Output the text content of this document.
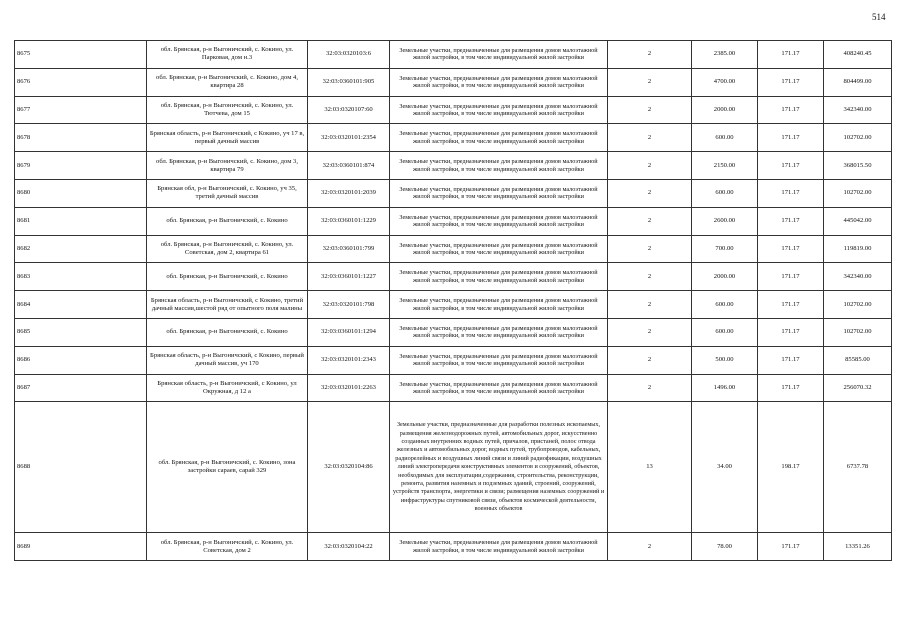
514
8675	обл. Брянская, р-н Выгоничский, с. Кокино, ул. Парковая, дом н.3	32:03:0320103:6	Земельные участки, предназначенные для размещения домов малоэтажной жилой застройки, в том числе индивидуальной жилой застройки	2	2385.00	171.17	408240.45
8676	обл. Брянская, р-н Выгоничский, с. Кокино, дом 4, квартира 28	32:03:0360101:905	Земельные участки, предназначенные для размещения домов малоэтажной жилой застройки, в том числе индивидуальной жилой застройки	2	4700.00	171.17	804499.00
8677	обл. Брянская, р-н Выгоничский, с. Кокино, ул. Тютчева, дом 15	32:03:0320107:60	Земельные участки, предназначенные для размещения домов малоэтажной жилой застройки, в том числе индивидуальной жилой застройки	2	2000.00	171.17	342340.00
8678	Брянская область, р-н Выгоничский, с Кокино, уч 17 в, первый дачный массив	32:03:0320101:2354	Земельные участки, предназначенные для размещения домов малоэтажной жилой застройки, в том числе индивидуальной жилой застройки	2	600.00	171.17	102702.00
8679	обл. Брянская, р-н Выгоничский, с. Кокино, дом 3, квартира 79	32:03:0360101:874	Земельные участки, предназначенные для размещения домов малоэтажной жилой застройки, в том числе индивидуальной жилой застройки	2	2150.00	171.17	368015.50
8680	Брянская обл, р-н Выгоничский, с. Кокино, уч 35, третий дачный массив	32:03:0320101:2039	Земельные участки, предназначенные для размещения домов малоэтажной жилой застройки, в том числе индивидуальной жилой застройки	2	600.00	171.17	102702.00
8681	обл. Брянская, р-н Выгоничский, с. Кокино	32:03:0360101:1229	Земельные участки, предназначенные для размещения домов малоэтажной жилой застройки, в том числе индивидуальной жилой застройки	2	2600.00	171.17	445042.00
8682	обл. Брянская, р-н Выгоничский, с. Кокино, ул. Советская, дом 2, квартира 61	32:03:0360101:799	Земельные участки, предназначенные для размещения домов малоэтажной жилой застройки, в том числе индивидуальной жилой застройки	2	700.00	171.17	119819.00
8683	обл. Брянская, р-н Выгоничский, с. Кокино	32:03:0360101:1227	Земельные участки, предназначенные для размещения домов малоэтажной жилой застройки, в том числе индивидуальной жилой застройки	2	2000.00	171.17	342340.00
8684	Брянская область, р-н Выгоничский, с Кокино, третий дачный массив,шестой ряд от опытного поля малины	32:03:0320101:798	Земельные участки, предназначенные для размещения домов малоэтажной жилой застройки, в том числе индивидуальной жилой застройки	2	600.00	171.17	102702.00
8685	обл. Брянская, р-н Выгоничский, с. Кокино	32:03:0360101:1294	Земельные участки, предназначенные для размещения домов малоэтажной жилой застройки, в том числе индивидуальной жилой застройки	2	600.00	171.17	102702.00
8686	Брянская область, р-н Выгоничский, с Кокино, первый дачный массив, уч 170	32:03:0320101:2343	Земельные участки, предназначенные для размещения домов малоэтажной жилой застройки, в том числе индивидуальной жилой застройки	2	500.00	171.17	85585.00
8687	Брянская область, р-н Выгоничский, с Кокино, ул Окружная, д 12 а	32:03:0320101:2263	Земельные участки, предназначенные для размещения домов малоэтажной жилой застройки, в том числе индивидуальной жилой застройки	2	1496.00	171.17	256070.32
8688	обл. Брянская, р-н Выгоничский, с. Кокино, зона застройки сараев, сарай 329	32:03:0320104:86	Земельные участки, предназначенные для разработки полезных ископаемых, размещения железнодорожных путей, автомобильных дорог, искусственно созданных внутренних водных путей, причалов, пристаней, полос отвода железных и автомобильных дорог, водных путей, трубопроводов, кабельных, радиорелейных и воздушных линий связи и линий радиофикации, воздушных линий электропередачи конструктивных элементов и сооружений, объектов, необходимых для эксплуатации,содержания, строительства, реконструкции, ремонта, развития наземных и подземных зданий, строений, сооружений, устройств транспорта, энергетики и связи; размещения наземных сооружений и инфраструктуры спутниковой связи, объектов космической деятельности, военных объектов	13	34.00	198.17	6737.78
8689	обл. Брянская, р-н Выгоничский, с. Кокино, ул. Советская, дом 2	32:03:0320104:22	Земельные участки, предназначенные для размещения домов малоэтажной жилой застройки, в том числе индивидуальной жилой застройки	2	78.00	171.17	13351.26
